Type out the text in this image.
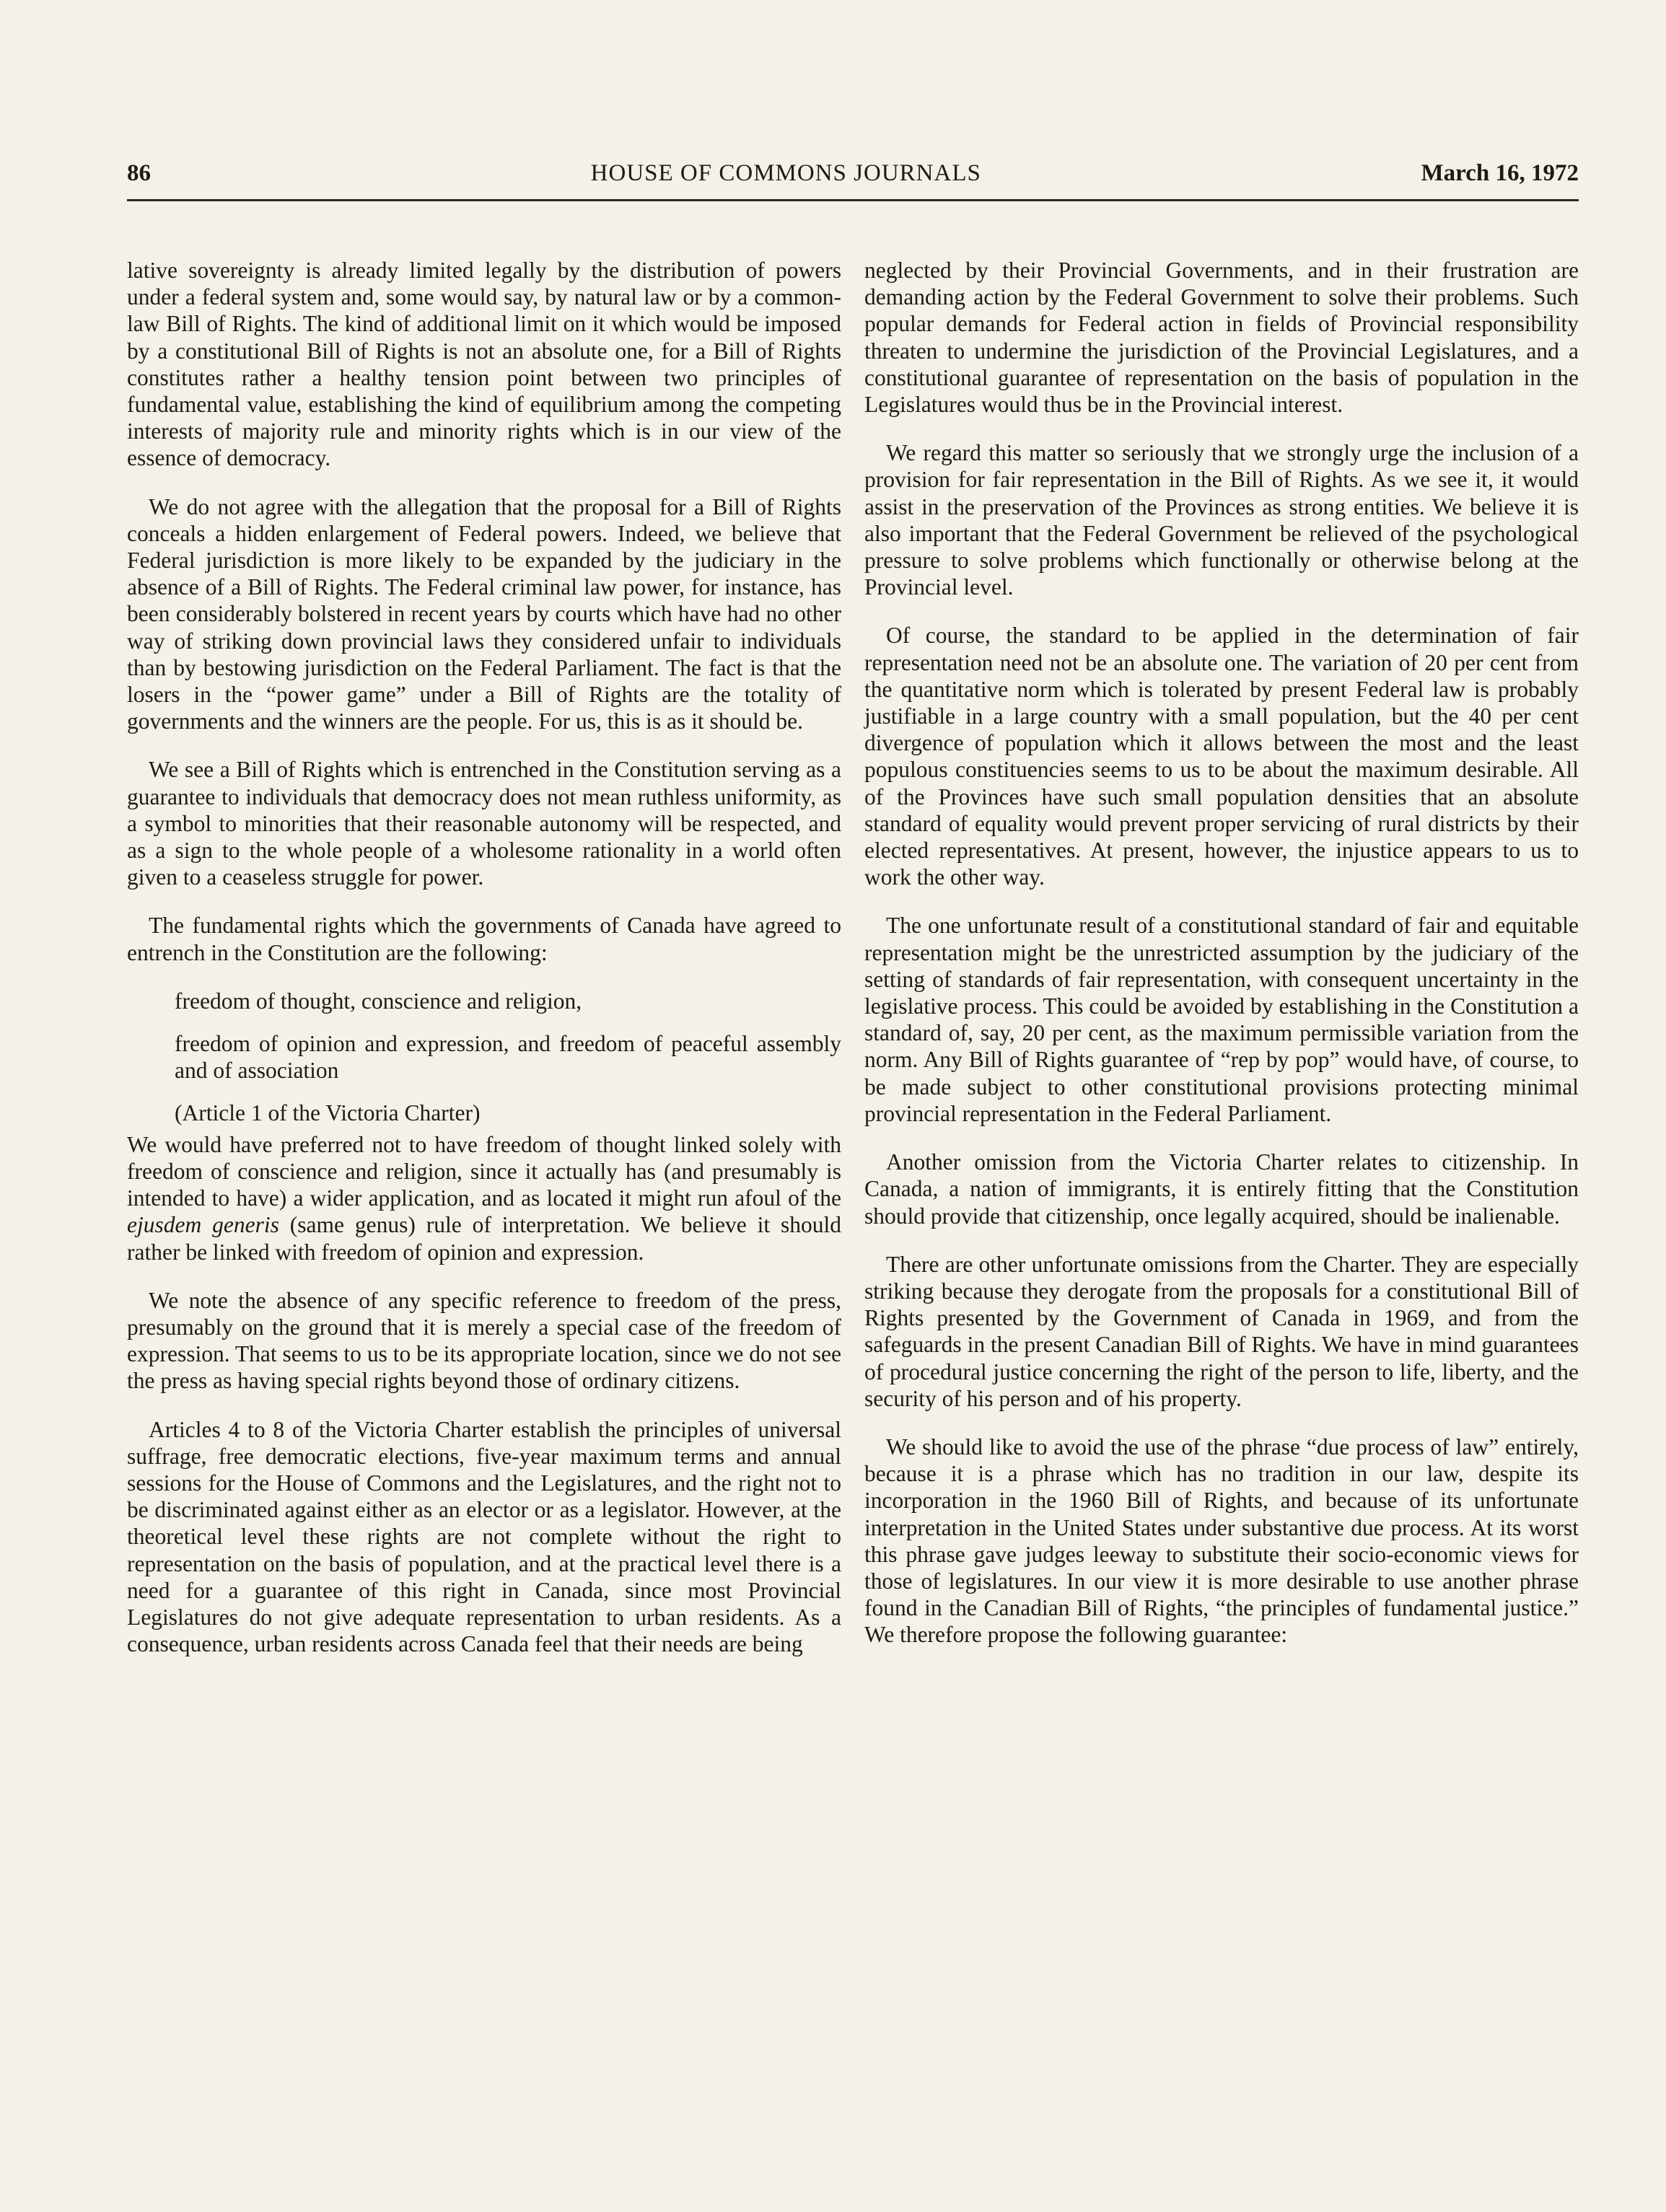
86	HOUSE OF COMMONS JOURNALS	March 16, 1972

lative sovereignty is already limited legally by the distribution of powers under a federal system and, some would say, by natural law or by a common-law Bill of Rights. The kind of additional limit on it which would be imposed by a constitutional Bill of Rights is not an absolute one, for a Bill of Rights constitutes rather a healthy tension point between two principles of fundamental value, establishing the kind of equilibrium among the competing interests of majority rule and minority rights which is in our view of the essence of democracy.

We do not agree with the allegation that the proposal for a Bill of Rights conceals a hidden enlargement of Federal powers. Indeed, we believe that Federal jurisdiction is more likely to be expanded by the judiciary in the absence of a Bill of Rights. The Federal criminal law power, for instance, has been considerably bolstered in recent years by courts which have had no other way of striking down provincial laws they considered unfair to individuals than by bestowing jurisdiction on the Federal Parliament. The fact is that the losers in the “power game” under a Bill of Rights are the totality of governments and the winners are the people. For us, this is as it should be.

We see a Bill of Rights which is entrenched in the Constitution serving as a guarantee to individuals that democracy does not mean ruthless uniformity, as a symbol to minorities that their reasonable autonomy will be respected, and as a sign to the whole people of a wholesome rationality in a world often given to a ceaseless struggle for power.

The fundamental rights which the governments of Canada have agreed to entrench in the Constitution are the following:

freedom of thought, conscience and religion,

freedom of opinion and expression, and freedom of peaceful assembly and of association

(Article 1 of the Victoria Charter)

We would have preferred not to have freedom of thought linked solely with freedom of conscience and religion, since it actually has (and presumably is intended to have) a wider application, and as located it might run afoul of the ejusdem generis (same genus) rule of interpretation. We believe it should rather be linked with freedom of opinion and expression.

We note the absence of any specific reference to freedom of the press, presumably on the ground that it is merely a special case of the freedom of expression. That seems to us to be its appropriate location, since we do not see the press as having special rights beyond those of ordinary citizens.

Articles 4 to 8 of the Victoria Charter establish the principles of universal suffrage, free democratic elections, five-year maximum terms and annual sessions for the House of Commons and the Legislatures, and the right not to be discriminated against either as an elector or as a legislator. However, at the theoretical level these rights are not complete without the right to representation on the basis of population, and at the practical level there is a need for a guarantee of this right in Canada, since most Provincial Legislatures do not give adequate representation to urban residents. As a consequence, urban residents across Canada feel that their needs are being

neglected by their Provincial Governments, and in their frustration are demanding action by the Federal Government to solve their problems. Such popular demands for Federal action in fields of Provincial responsibility threaten to undermine the jurisdiction of the Provincial Legislatures, and a constitutional guarantee of representation on the basis of population in the Legislatures would thus be in the Provincial interest.

We regard this matter so seriously that we strongly urge the inclusion of a provision for fair representation in the Bill of Rights. As we see it, it would assist in the preservation of the Provinces as strong entities. We believe it is also important that the Federal Government be relieved of the psychological pressure to solve problems which functionally or otherwise belong at the Provincial level.

Of course, the standard to be applied in the determination of fair representation need not be an absolute one. The variation of 20 per cent from the quantitative norm which is tolerated by present Federal law is probably justifiable in a large country with a small population, but the 40 per cent divergence of population which it allows between the most and the least populous constituencies seems to us to be about the maximum desirable. All of the Provinces have such small population densities that an absolute standard of equality would prevent proper servicing of rural districts by their elected representatives. At present, however, the injustice appears to us to work the other way.

The one unfortunate result of a constitutional standard of fair and equitable representation might be the unrestricted assumption by the judiciary of the setting of standards of fair representation, with consequent uncertainty in the legislative process. This could be avoided by establishing in the Constitution a standard of, say, 20 per cent, as the maximum permissible variation from the norm. Any Bill of Rights guarantee of “rep by pop” would have, of course, to be made subject to other constitutional provisions protecting minimal provincial representation in the Federal Parliament.

Another omission from the Victoria Charter relates to citizenship. In Canada, a nation of immigrants, it is entirely fitting that the Constitution should provide that citizenship, once legally acquired, should be inalienable.

There are other unfortunate omissions from the Charter. They are especially striking because they derogate from the proposals for a constitutional Bill of Rights presented by the Government of Canada in 1969, and from the safeguards in the present Canadian Bill of Rights. We have in mind guarantees of procedural justice concerning the right of the person to life, liberty, and the security of his person and of his property.

We should like to avoid the use of the phrase “due process of law” entirely, because it is a phrase which has no tradition in our law, despite its incorporation in the 1960 Bill of Rights, and because of its unfortunate interpretation in the United States under substantive due process. At its worst this phrase gave judges leeway to substitute their socio-economic views for those of legislatures. In our view it is more desirable to use another phrase found in the Canadian Bill of Rights, “the principles of fundamental justice.” We therefore propose the following guarantee:
